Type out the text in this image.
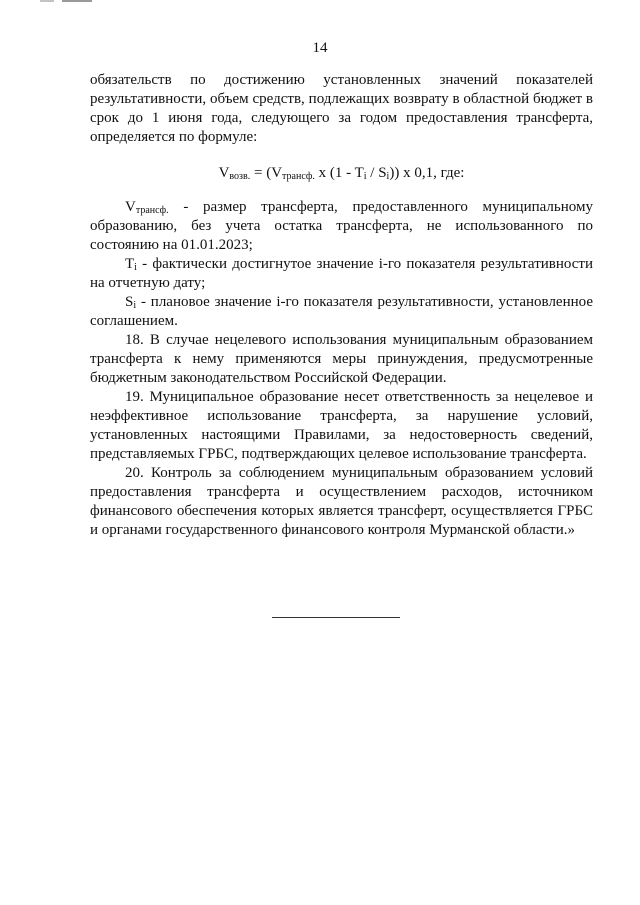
14

обязательств по достижению установленных значений показателей результативности, объем средств, подлежащих возврату в областной бюджет в срок до 1 июня года, следующего за годом предоставления трансферта, определяется по формуле:

$V_{возв.} = (V_{трансф.}$ x $(1 - T_i / S_i)$) x 0,1, где:

$V_{трансф.}$ - размер трансферта, предоставленного муниципальному образованию, без учета остатка трансферта, не использованного по состоянию на 01.01.2023;

$T_i$ - фактически достигнутое значение i-го показателя результативности на отчетную дату;

$S_i$ - плановое значение i-го показателя результативности, установленное соглашением.

18. В случае нецелевого использования муниципальным образованием трансферта к нему применяются меры принуждения, предусмотренные бюджетным законодательством Российской Федерации.

19. Муниципальное образование несет ответственность за нецелевое и неэффективное использование трансферта, за нарушение условий, установленных настоящими Правилами, за недостоверность сведений, представляемых ГРБС, подтверждающих целевое использование трансферта.

20. Контроль за соблюдением муниципальным образованием условий предоставления трансферта и осуществлением расходов, источником финансового обеспечения которых является трансферт, осуществляется ГРБС и органами государственного финансового контроля Мурманской области.»
